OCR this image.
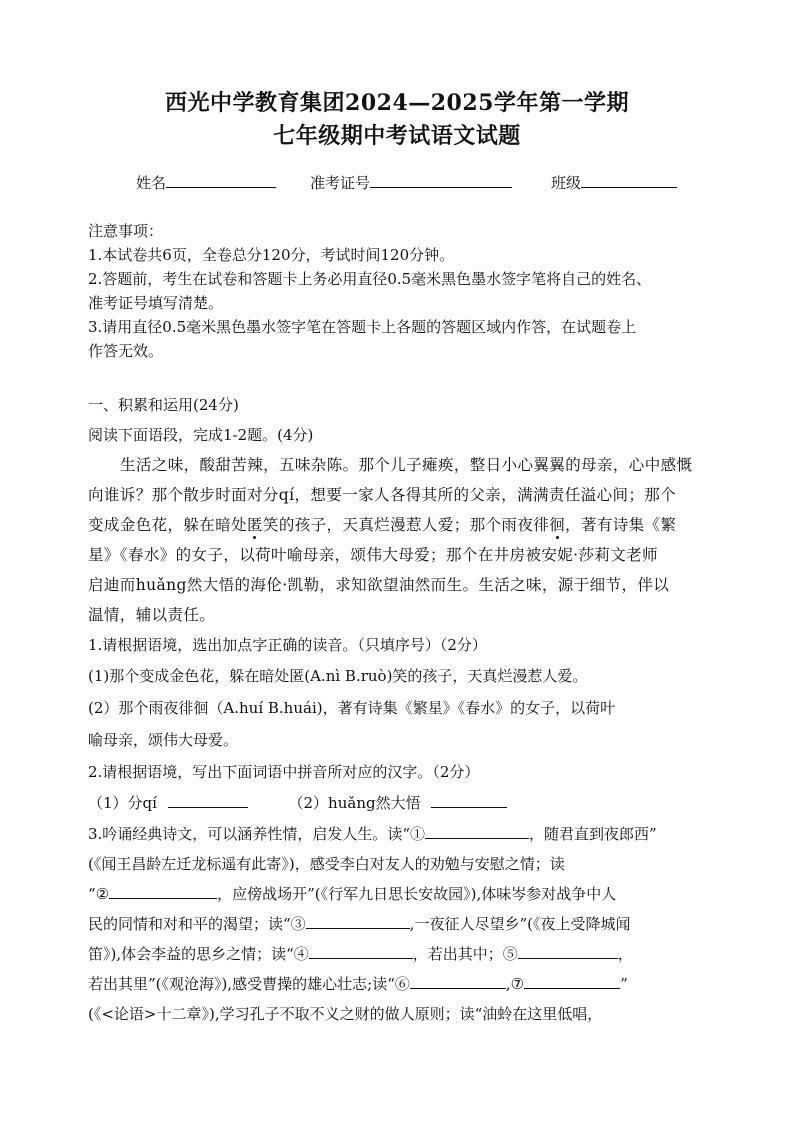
西光中学教育集团2024—2025学年第一学期
七年级期中考试语文试题
姓名	准考证号	班级
注意事项：
1.本试卷共6页，全卷总分120分，考试时间120分钟。
2.答题前，考生在试卷和答题卡上务必用直径0.5毫米黑色墨水签字笔将自己的姓名、
准考证号填写清楚。
3.请用直径0.5毫米黑色墨水签字笔在答题卡上各题的答题区域内作答，在试题卷上
作答无效。
一、积累和运用(24分)
阅读下面语段，完成1-2题。(4分)
生活之味，酸甜苦辣，五味杂陈。那个儿子瘫痪，整日小心翼翼的母亲，心中感慨
向谁诉？那个散步时面对分qí，想要一家人各得其所的父亲，满满责任溢心间；那个
变成金色花，躲在暗处匿笑的孩子，天真烂漫惹人爱；那个雨夜徘徊，著有诗集《繁
星》《春水》的女子，以荷叶喻母亲，颂伟大母爱；那个在井房被安妮·莎莉文老师
启迪而huǎng然大悟的海伦·凯勒，求知欲望油然而生。生活之味，源于细节，伴以
温情，辅以责任。
1.请根据语境，选出加点字正确的读音。（只填序号）（2分）
(1)那个变成金色花，躲在暗处匿(A.nì B.ruò)笑的孩子，天真烂漫惹人爱。
(2）那个雨夜徘徊（A.huí B.huái)，著有诗集《繁星》《春水》的女子，以荷叶
喻母亲，颂伟大母爱。
2.请根据语境，写出下面词语中拼音所对应的汉字。（2分）
（1）分qí	（2）huǎng然大悟
3.吟诵经典诗文，可以涵养性情，启发人生。读“①	，随君直到夜郎西”
(《闻王昌龄左迁龙标遥有此寄》)，感受李白对友人的劝勉与安慰之情；读
“②	，应傍战场开”(《行军九日思长安故园》),体味岑参对战争中人
民的同情和对和平的渴望；读“③	,一夜征人尽望乡”(《夜上受降城闻
笛》),体会李益的思乡之情；读“④	，若出其中；⑤	，
若出其里”(《观沧海》),感受曹操的雄心壮志;读“⑥	,⑦	”
(《<论语>十二章》),学习孔子不取不义之财的做人原则；读“油蛉在这里低唱，
